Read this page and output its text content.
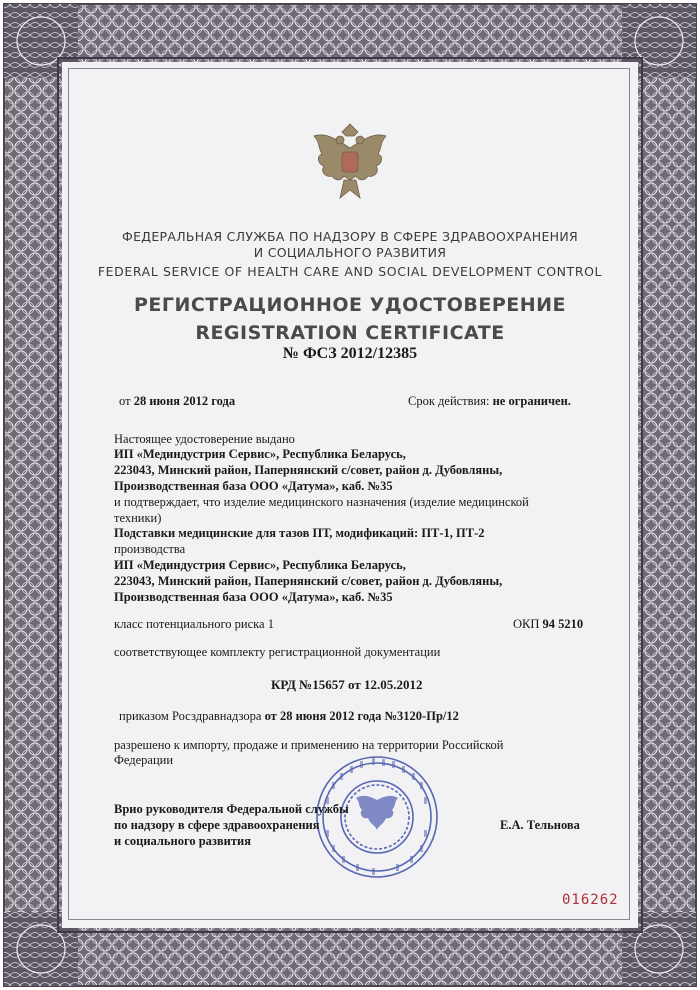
ФЕДЕРАЛЬНАЯ СЛУЖБА ПО НАДЗОРУ В СФЕРЕ ЗДРАВООХРАНЕНИЯ
И СОЦИАЛЬНОГО РАЗВИТИЯ
FEDERAL SERVICE OF HEALTH CARE AND SOCIAL DEVELOPMENT CONTROL
РЕГИСТРАЦИОННОЕ УДОСТОВЕРЕНИЕ
REGISTRATION CERTIFICATE
№ ФСЗ 2012/12385
от 28 июня 2012 года	Срок действия: не ограничен.
Настоящее удостоверение выдано
ИП «Мединдустрия Сервис», Республика Беларусь,
223043, Минский район, Папернянский с/совет, район д. Дубовляны,
Производственная база ООО «Датума», каб. №35
и подтверждает, что изделие медицинского назначения (изделие медицинской
техники)
Подставки медицинские для тазов ПТ, модификаций: ПТ-1, ПТ-2
производства
ИП «Мединдустрия Сервис», Республика Беларусь,
223043, Минский район, Папернянский с/совет, район д. Дубовляны,
Производственная база ООО «Датума», каб. №35
класс потенциального риска 1	ОКП 94 5210
соответствующее комплекту регистрационной документации
КРД №15657 от 12.05.2012
приказом Росздравнадзора от 28 июня 2012 года №3120-Пр/12
разрешено к импорту, продаже и применению на территории Российской
Федерации
Врио руководителя Федеральной службы
по надзору в сфере здравоохранения
и социального развития
Е.А. Тельнова
016262
